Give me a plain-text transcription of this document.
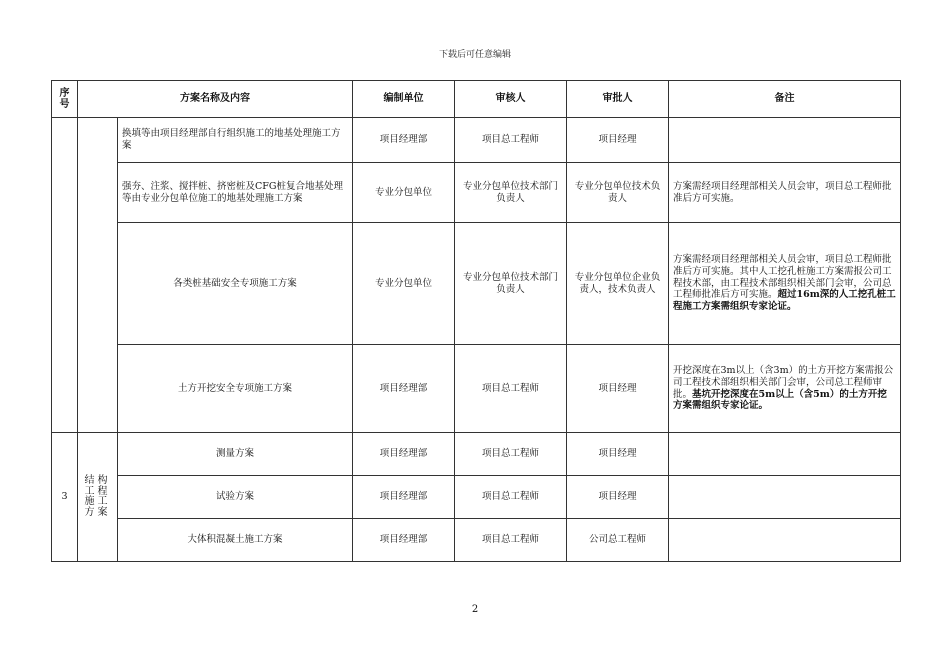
下载后可任意编辑
序号	方案名称及内容		编制单位	审核人	审批人	备注
		换填等由项目经理部自行组织施工的地基处理施工方案	项目经理部	项目总工程师	项目经理	
		强夯、注浆、搅拌桩、挤密桩及CFG桩复合地基处理等由专业分包单位施工的地基处理施工方案	专业分包单位	专业分包单位技术部门负责人	专业分包单位技术负责人	方案需经项目经理部相关人员会审，项目总工程师批准后方可实施。
		各类桩基础安全专项施工方案	专业分包单位	专业分包单位技术部门负责人	专业分包单位企业负责人，技术负责人	方案需经项目经理部相关人员会审，项目总工程师批准后方可实施。其中人工挖孔桩施工方案需报公司工程技术部，由工程技术部组织相关部门会审，公司总工程师批准后方可实施。超过16m深的人工挖孔桩工程施工方案需组织专家论证。
		土方开挖安全专项施工方案	项目经理部	项目总工程师	项目经理	开挖深度在3m以上（含3m）的土方开挖方案需报公司工程技术部组织相关部门会审，公司总工程师审批。基坑开挖深度在5m以上（含5m）的土方开挖方案需组织专家论证。
3	结构工程施工方案	测量方案	项目经理部	项目总工程师	项目经理	
		试验方案	项目经理部	项目总工程师	项目经理	
		大体积混凝土施工方案	项目经理部	项目总工程师	公司总工程师	
2
